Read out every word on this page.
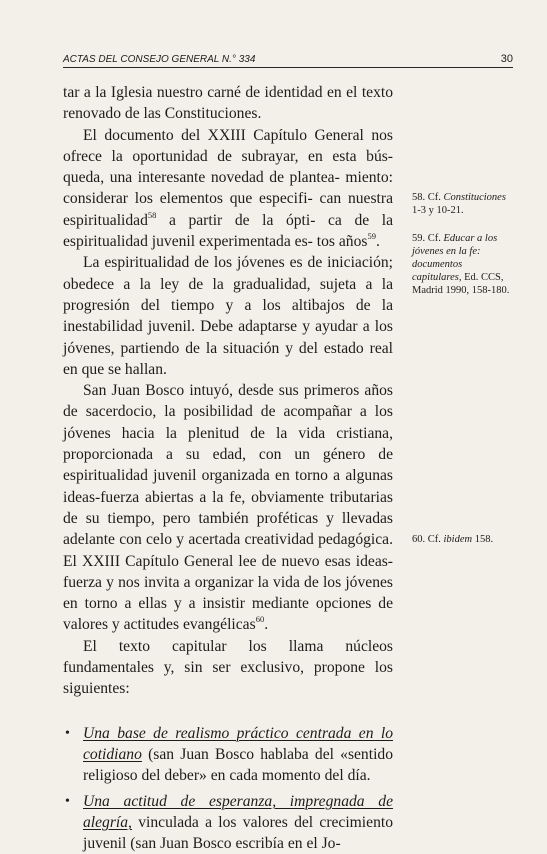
ACTAS DEL CONSEJO GENERAL N.° 334	30

tar a la Iglesia nuestro carné de identidad en el texto renovado de las Constituciones.

El documento del XXIII Capítulo General nos ofrece la oportunidad de subrayar, en esta bús- queda, una interesante novedad de plantea- miento: considerar los elementos que especifi- can nuestra espiritualidad$^{58}$ a partir de la ópti- ca de la espiritualidad juvenil experimentada es- tos años$^{59}$.

La espiritualidad de los jóvenes es de iniciación; obedece a la ley de la gradualidad, sujeta a la progresión del tiempo y a los altibajos de la inestabilidad juvenil. Debe adaptarse y ayudar a los jóvenes, partiendo de la situación y del estado real en que se hallan.

San Juan Bosco intuyó, desde sus primeros años de sacerdocio, la posibilidad de acompañar a los jóvenes hacia la plenitud de la vida cristiana, proporcionada a su edad, con un género de espiritualidad juvenil organizada en torno a algunas ideas-fuerza abiertas a la fe, obviamente tributarias de su tiempo, pero también proféticas y llevadas adelante con celo y acertada creatividad pedagógica. El XXIII Capítulo General lee de nuevo esas ideas-fuerza y nos invita a organizar la vida de los jóvenes en torno a ellas y a insistir mediante opciones de valores y actitudes evangélicas$^{60}$.

El texto capitular los llama núcleos fundamentales y, sin ser exclusivo, propone los siguientes:

• Una base de realismo práctico centrada en lo cotidiano (san Juan Bosco hablaba del «sentido religioso del deber» en cada momento del día.
• Una actitud de esperanza, impregnada de alegría, vinculada a los valores del crecimiento juvenil (san Juan Bosco escribía en el Jo-
58. Cf. Constituciones 1-3 y 10-21.
59. Cf. Educar a los jóvenes en la fe: documentos capitulares, Ed. CCS, Madrid 1990, 158-180.
60. Cf. ibidem 158.
